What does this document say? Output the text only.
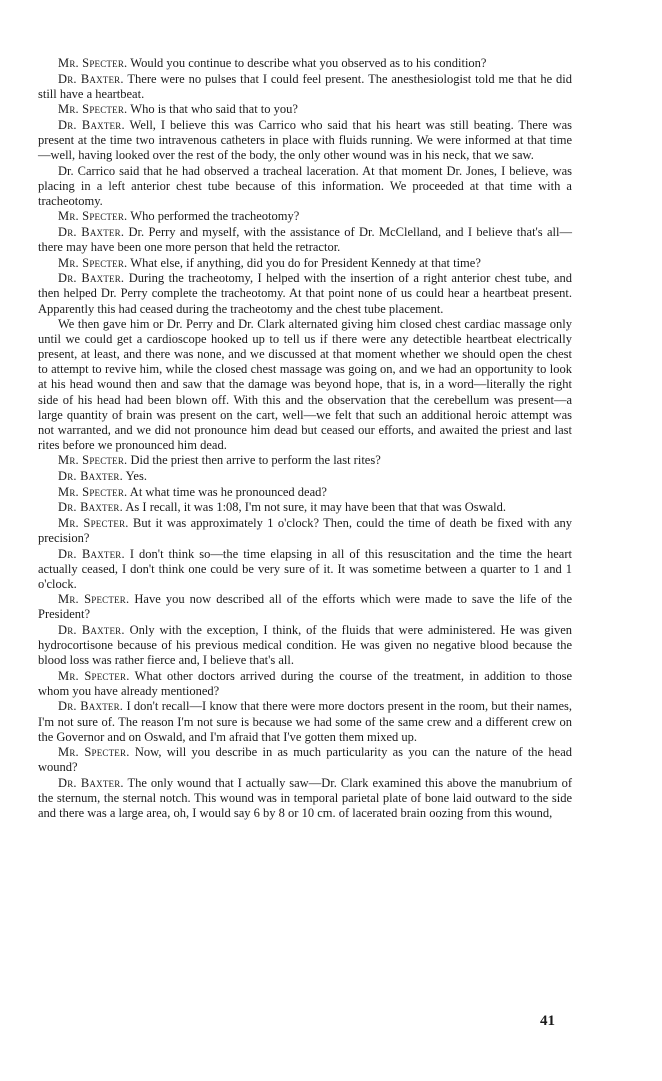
Mr. Specter. Would you continue to describe what you observed as to his condition?

Dr. Baxter. There were no pulses that I could feel present. The anesthesiologist told me that he did still have a heartbeat.

Mr. Specter. Who is that who said that to you?

Dr. Baxter. Well, I believe this was Carrico who said that his heart was still beating. There was present at the time two intravenous catheters in place with fluids running. We were informed at that time—well, having looked over the rest of the body, the only other wound was in his neck, that we saw.

Dr. Carrico said that he had observed a tracheal laceration. At that moment Dr. Jones, I believe, was placing in a left anterior chest tube because of this information. We proceeded at that time with a tracheotomy.

Mr. Specter. Who performed the tracheotomy?

Dr. Baxter. Dr. Perry and myself, with the assistance of Dr. McClelland, and I believe that's all—there may have been one more person that held the retractor.

Mr. Specter. What else, if anything, did you do for President Kennedy at that time?

Dr. Baxter. During the tracheotomy, I helped with the insertion of a right anterior chest tube, and then helped Dr. Perry complete the tracheotomy. At that point none of us could hear a heartbeat present. Apparently this had ceased during the tracheotomy and the chest tube placement.

We then gave him or Dr. Perry and Dr. Clark alternated giving him closed chest cardiac massage only until we could get a cardioscope hooked up to tell us if there were any detectible heartbeat electrically present, at least, and there was none, and we discussed at that moment whether we should open the chest to attempt to revive him, while the closed chest massage was going on, and we had an opportunity to look at his head wound then and saw that the damage was beyond hope, that is, in a word—literally the right side of his head had been blown off. With this and the observation that the cerebellum was present—a large quantity of brain was present on the cart, well—we felt that such an additional heroic attempt was not warranted, and we did not pronounce him dead but ceased our efforts, and awaited the priest and last rites before we pronounced him dead.

Mr. Specter. Did the priest then arrive to perform the last rites?

Dr. Baxter. Yes.

Mr. Specter. At what time was he pronounced dead?

Dr. Baxter. As I recall, it was 1:08, I'm not sure, it may have been that that was Oswald.

Mr. Specter. But it was approximately 1 o'clock? Then, could the time of death be fixed with any precision?

Dr. Baxter. I don't think so—the time elapsing in all of this resuscitation and the time the heart actually ceased, I don't think one could be very sure of it. It was sometime between a quarter to 1 and 1 o'clock.

Mr. Specter. Have you now described all of the efforts which were made to save the life of the President?

Dr. Baxter. Only with the exception, I think, of the fluids that were administered. He was given hydrocortisone because of his previous medical condition. He was given no negative blood because the blood loss was rather fierce and, I believe that's all.

Mr. Specter. What other doctors arrived during the course of the treatment, in addition to those whom you have already mentioned?

Dr. Baxter. I don't recall—I know that there were more doctors present in the room, but their names, I'm not sure of. The reason I'm not sure is because we had some of the same crew and a different crew on the Governor and on Oswald, and I'm afraid that I've gotten them mixed up.

Mr. Specter. Now, will you describe in as much particularity as you can the nature of the head wound?

Dr. Baxter. The only wound that I actually saw—Dr. Clark examined this above the manubrium of the sternum, the sternal notch. This wound was in temporal parietal plate of bone laid outward to the side and there was a large area, oh, I would say 6 by 8 or 10 cm. of lacerated brain oozing from this wound,

41
